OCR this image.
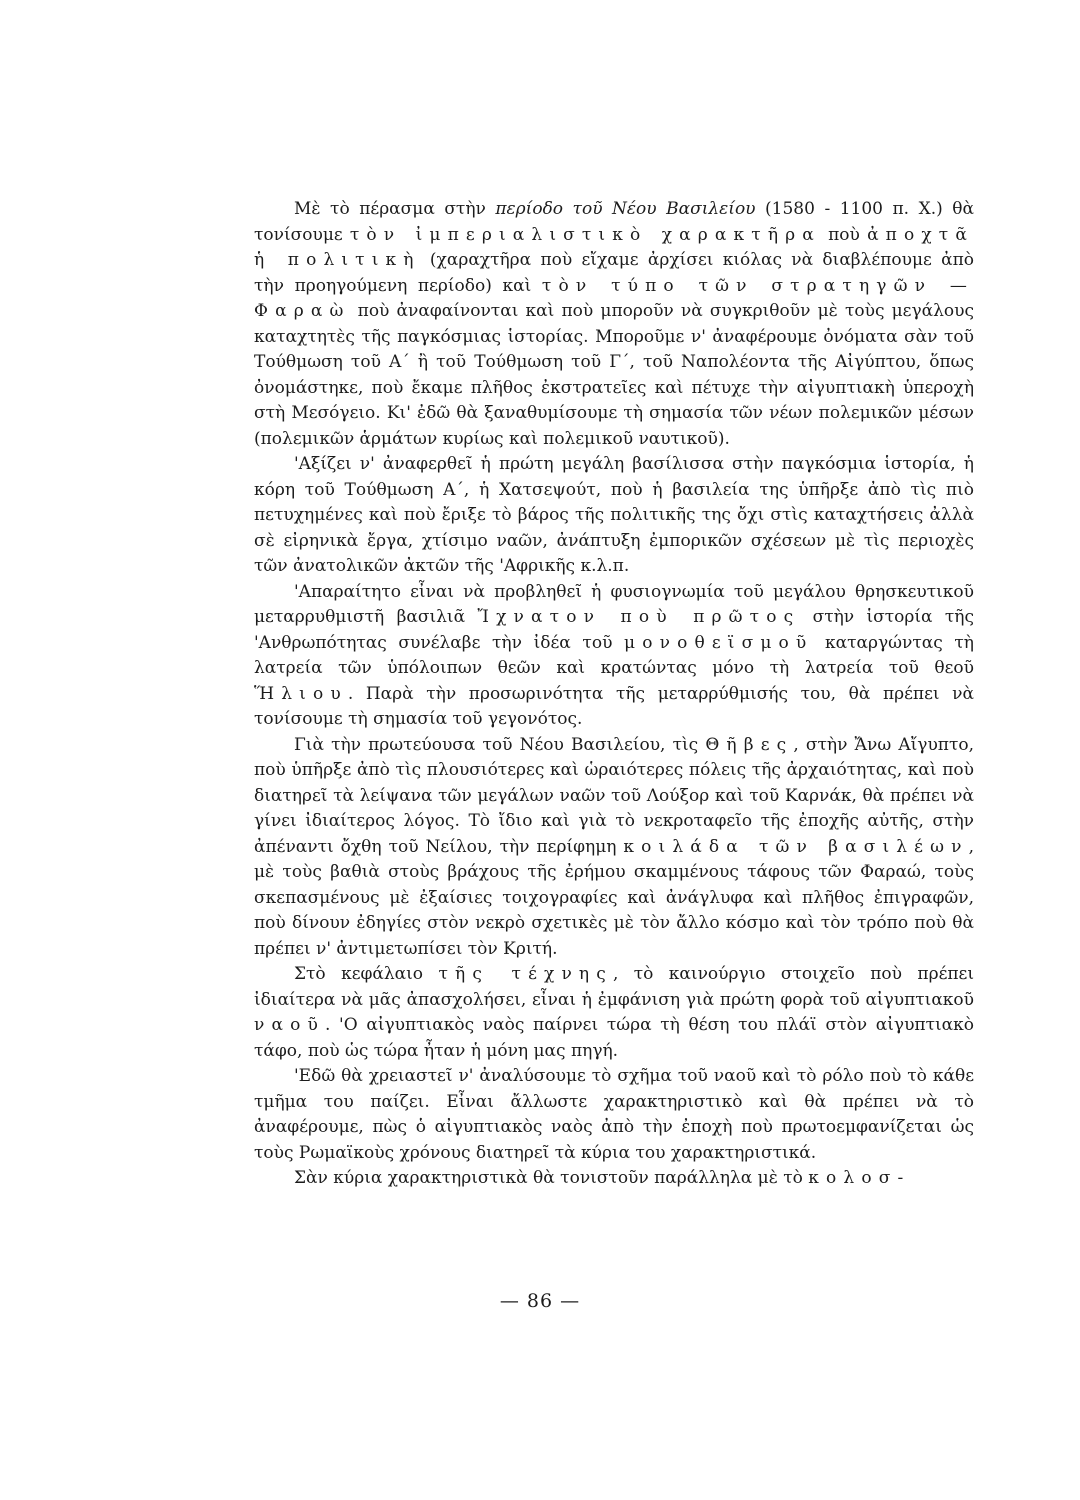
Μὲ τὸ πέρασμα στὴν περίοδο τοῦ Νέου Βασιλείου (1580 - 1100 π. Χ.) θὰ τονίσουμε τὸν ἰμπεριαλιστικὸ χαρακτῆρα ποὺ ἀποχτᾶ ἡ πολιτικὴ (χαραχτῆρα ποὺ εἴχαμε ἀρχίσει κιόλας νὰ διαβλέπουμε ἀπὸ τὴν προηγούμενη περίοδο) καὶ τὸν τύπο τῶν στρατηγῶν — Φαραὼ ποὺ ἀναφαίνονται καὶ ποὺ μποροῦν νὰ συγκριθοῦν μὲ τοὺς μεγάλους καταχτητὲς τῆς παγκόσμιας ἱστορίας. Μποροῦμε ν' ἀναφέρουμε ὀνόματα σὰν τοῦ Τούθμωση τοῦ Α΄ ἢ τοῦ Τούθμωση τοῦ Γ΄, τοῦ Ναπολέοντα τῆς Αἰγύπτου, ὅπως ὀνομάστηκε, ποὺ ἔκαμε πλῆθος ἐκστρατεῖες καὶ πέτυχε τὴν αἰγυπτιακὴ ὑπεροχὴ στὴ Μεσόγειο. Κι' ἐδῶ θὰ ξαναθυμίσουμε τὴ σημασία τῶν νέων πολεμικῶν μέσων (πολεμικῶν ἁρμάτων κυρίως καὶ πολεμικοῦ ναυτικοῦ).

'Αξίζει ν' ἀναφερθεῖ ἡ πρώτη μεγάλη βασίλισσα στὴν παγκόσμια ἱστορία, ἡ κόρη τοῦ Τούθμωση Α΄, ἡ Χατσεψούτ, ποὺ ἡ βασιλεία της ὑπῆρξε ἀπὸ τὶς πιὸ πετυχημένες καὶ ποὺ ἔριξε τὸ βάρος τῆς πολιτικῆς της ὄχι στὶς καταχτήσεις ἀλλὰ σὲ εἰρηνικὰ ἔργα, χτίσιμο ναῶν, ἀνάπτυξη ἐμπορικῶν σχέσεων μὲ τὶς περιοχὲς τῶν ἀνατολικῶν ἀκτῶν τῆς 'Αφρικῆς κ.λ.π.

'Απαραίτητο εἶναι νὰ προβληθεῖ ἡ φυσιογνωμία τοῦ μεγάλου θρησκευτικοῦ μεταρρυθμιστῆ βασιλιᾶ Ἴχνατον ποὺ πρῶτος στὴν ἱστορία τῆς 'Ανθρωπότητας συνέλαβε τὴν ἰδέα τοῦ μονοθεϊσμοῦ καταργώντας τὴ λατρεία τῶν ὑπόλοιπων θεῶν καὶ κρατώντας μόνο τὴ λατρεία τοῦ θεοῦ Ἥλιου. Παρὰ τὴν προσωρινότητα τῆς μεταρρύθμισής του, θὰ πρέπει νὰ τονίσουμε τὴ σημασία τοῦ γεγονότος.

Γιὰ τὴν πρωτεύουσα τοῦ Νέου Βασιλείου, τὶς Θῆβες, στὴν Ἄνω Αἴγυπτο, ποὺ ὑπῆρξε ἀπὸ τὶς πλουσιότερες καὶ ὡραιότερες πόλεις τῆς ἀρχαιότητας, καὶ ποὺ διατηρεῖ τὰ λείψανα τῶν μεγάλων ναῶν τοῦ Λούξορ καὶ τοῦ Καρνάκ, θὰ πρέπει νὰ γίνει ἰδιαίτερος λόγος. Τὸ ἴδιο καὶ γιὰ τὸ νεκροταφεῖο τῆς ἐποχῆς αὐτῆς, στὴν ἀπέναντι ὄχθη τοῦ Νείλου, τὴν περίφημη κοιλάδα τῶν βασιλέων, μὲ τοὺς βαθιὰ στοὺς βράχους τῆς ἐρήμου σκαμμένους τάφους τῶν Φαραώ, τοὺς σκεπασμένους μὲ ἐξαίσιες τοιχογραφίες καὶ ἀνάγλυφα καὶ πλῆθος ἐπιγραφῶν, ποὺ δίνουν ἐδηγίες στὸν νεκρὸ σχετικὲς μὲ τὸν ἄλλο κόσμο καὶ τὸν τρόπο ποὺ θὰ πρέπει ν' ἀντιμετωπίσει τὸν Κριτή.

Στὸ κεφάλαιο τῆς τέχνης, τὸ καινούργιο στοιχεῖο ποὺ πρέπει ἰδιαίτερα νὰ μᾶς ἀπασχολήσει, εἶναι ἡ ἐμφάνιση γιὰ πρώτη φορὰ τοῦ αἰγυπτιακοῦ ναοῦ. 'Ο αἰγυπτιακὸς ναὸς παίρνει τώρα τὴ θέση του πλάϊ στὸν αἰγυπτιακὸ τάφο, ποὺ ὡς τώρα ἦταν ἡ μόνη μας πηγή.

'Εδῶ θὰ χρειαστεῖ ν' ἀναλύσουμε τὸ σχῆμα τοῦ ναοῦ καὶ τὸ ρόλο ποὺ τὸ κάθε τμῆμα του παίζει. Εἶναι ἄλλωστε χαρακτηριστικὸ καὶ θὰ πρέπει νὰ τὸ ἀναφέρουμε, πὼς ὁ αἰγυπτιακὸς ναὸς ἀπὸ τὴν ἐποχὴ ποὺ πρωτοεμφανίζεται ὡς τοὺς Ρωμαϊκοὺς χρόνους διατηρεῖ τὰ κύρια του χαρακτηριστικά.

Σὰν κύρια χαρακτηριστικὰ θὰ τονιστοῦν παράλληλα μὲ τὸ κολοσ-

— 86 —
